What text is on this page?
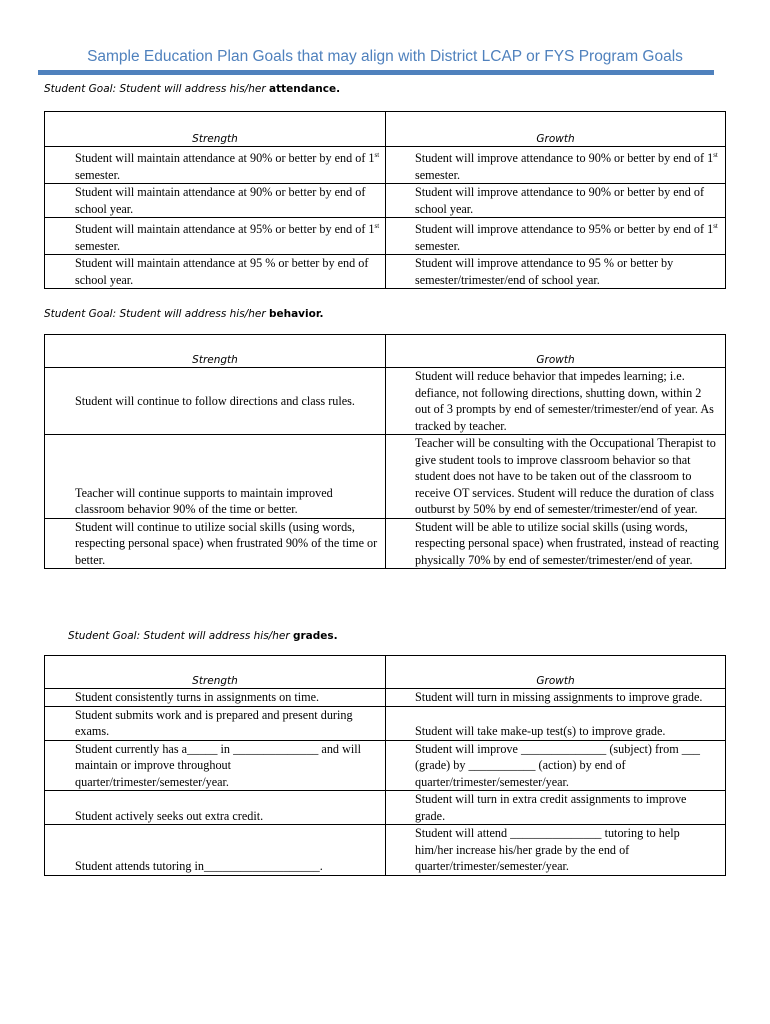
Sample Education Plan Goals that may align with District LCAP or FYS Program Goals
Student Goal: Student will address his/her attendance.
Strength	Growth
Student will maintain attendance at 90% or better by end of 1st semester.	Student will improve attendance to 90% or better by end of 1st semester.
Student will maintain attendance at 90% or better by end of school year.	Student will improve attendance to 90% or better by end of school year.
Student will maintain attendance at 95% or better by end of 1st semester.	Student will improve attendance to 95% or better by end of 1st semester.
Student will maintain attendance at 95 % or better by end of school year.	Student will improve attendance to 95 % or better by semester/trimester/end of school year.
Student Goal: Student will address his/her behavior.
Strength	Growth
Student will continue to follow directions and class rules.	Student will reduce behavior that impedes learning; i.e. defiance, not following directions, shutting down, within 2 out of 3 prompts by end of semester/trimester/end of year. As tracked by teacher.
Teacher will continue supports to maintain improved classroom behavior 90% of the time or better.	Teacher will be consulting with the Occupational Therapist to give student tools to improve classroom behavior so that student does not have to be taken out of the classroom to receive OT services. Student will reduce the duration of class outburst by 50% by end of semester/trimester/end of year.
Student will continue to utilize social skills (using words, respecting personal space) when frustrated 90% of the time or better.	Student will be able to utilize social skills (using words, respecting personal space) when frustrated, instead of reacting physically 70% by end of semester/trimester/end of year.
Student Goal: Student will address his/her grades.
Strength	Growth
Student consistently turns in assignments on time.	Student will turn in missing assignments to improve grade.
Student submits work and is prepared and present during exams.	Student will take make-up test(s) to improve grade.
Student currently has a_____ in ______________ and will maintain or improve throughout quarter/trimester/semester/year.	Student will improve ______________ (subject) from ___ (grade) by ___________ (action) by end of quarter/trimester/semester/year.
Student actively seeks out extra credit.	Student will turn in extra credit assignments to improve grade.
Student attends tutoring in___________________.	Student will attend _______________ tutoring to help him/her increase his/her grade by the end of quarter/trimester/semester/year.
